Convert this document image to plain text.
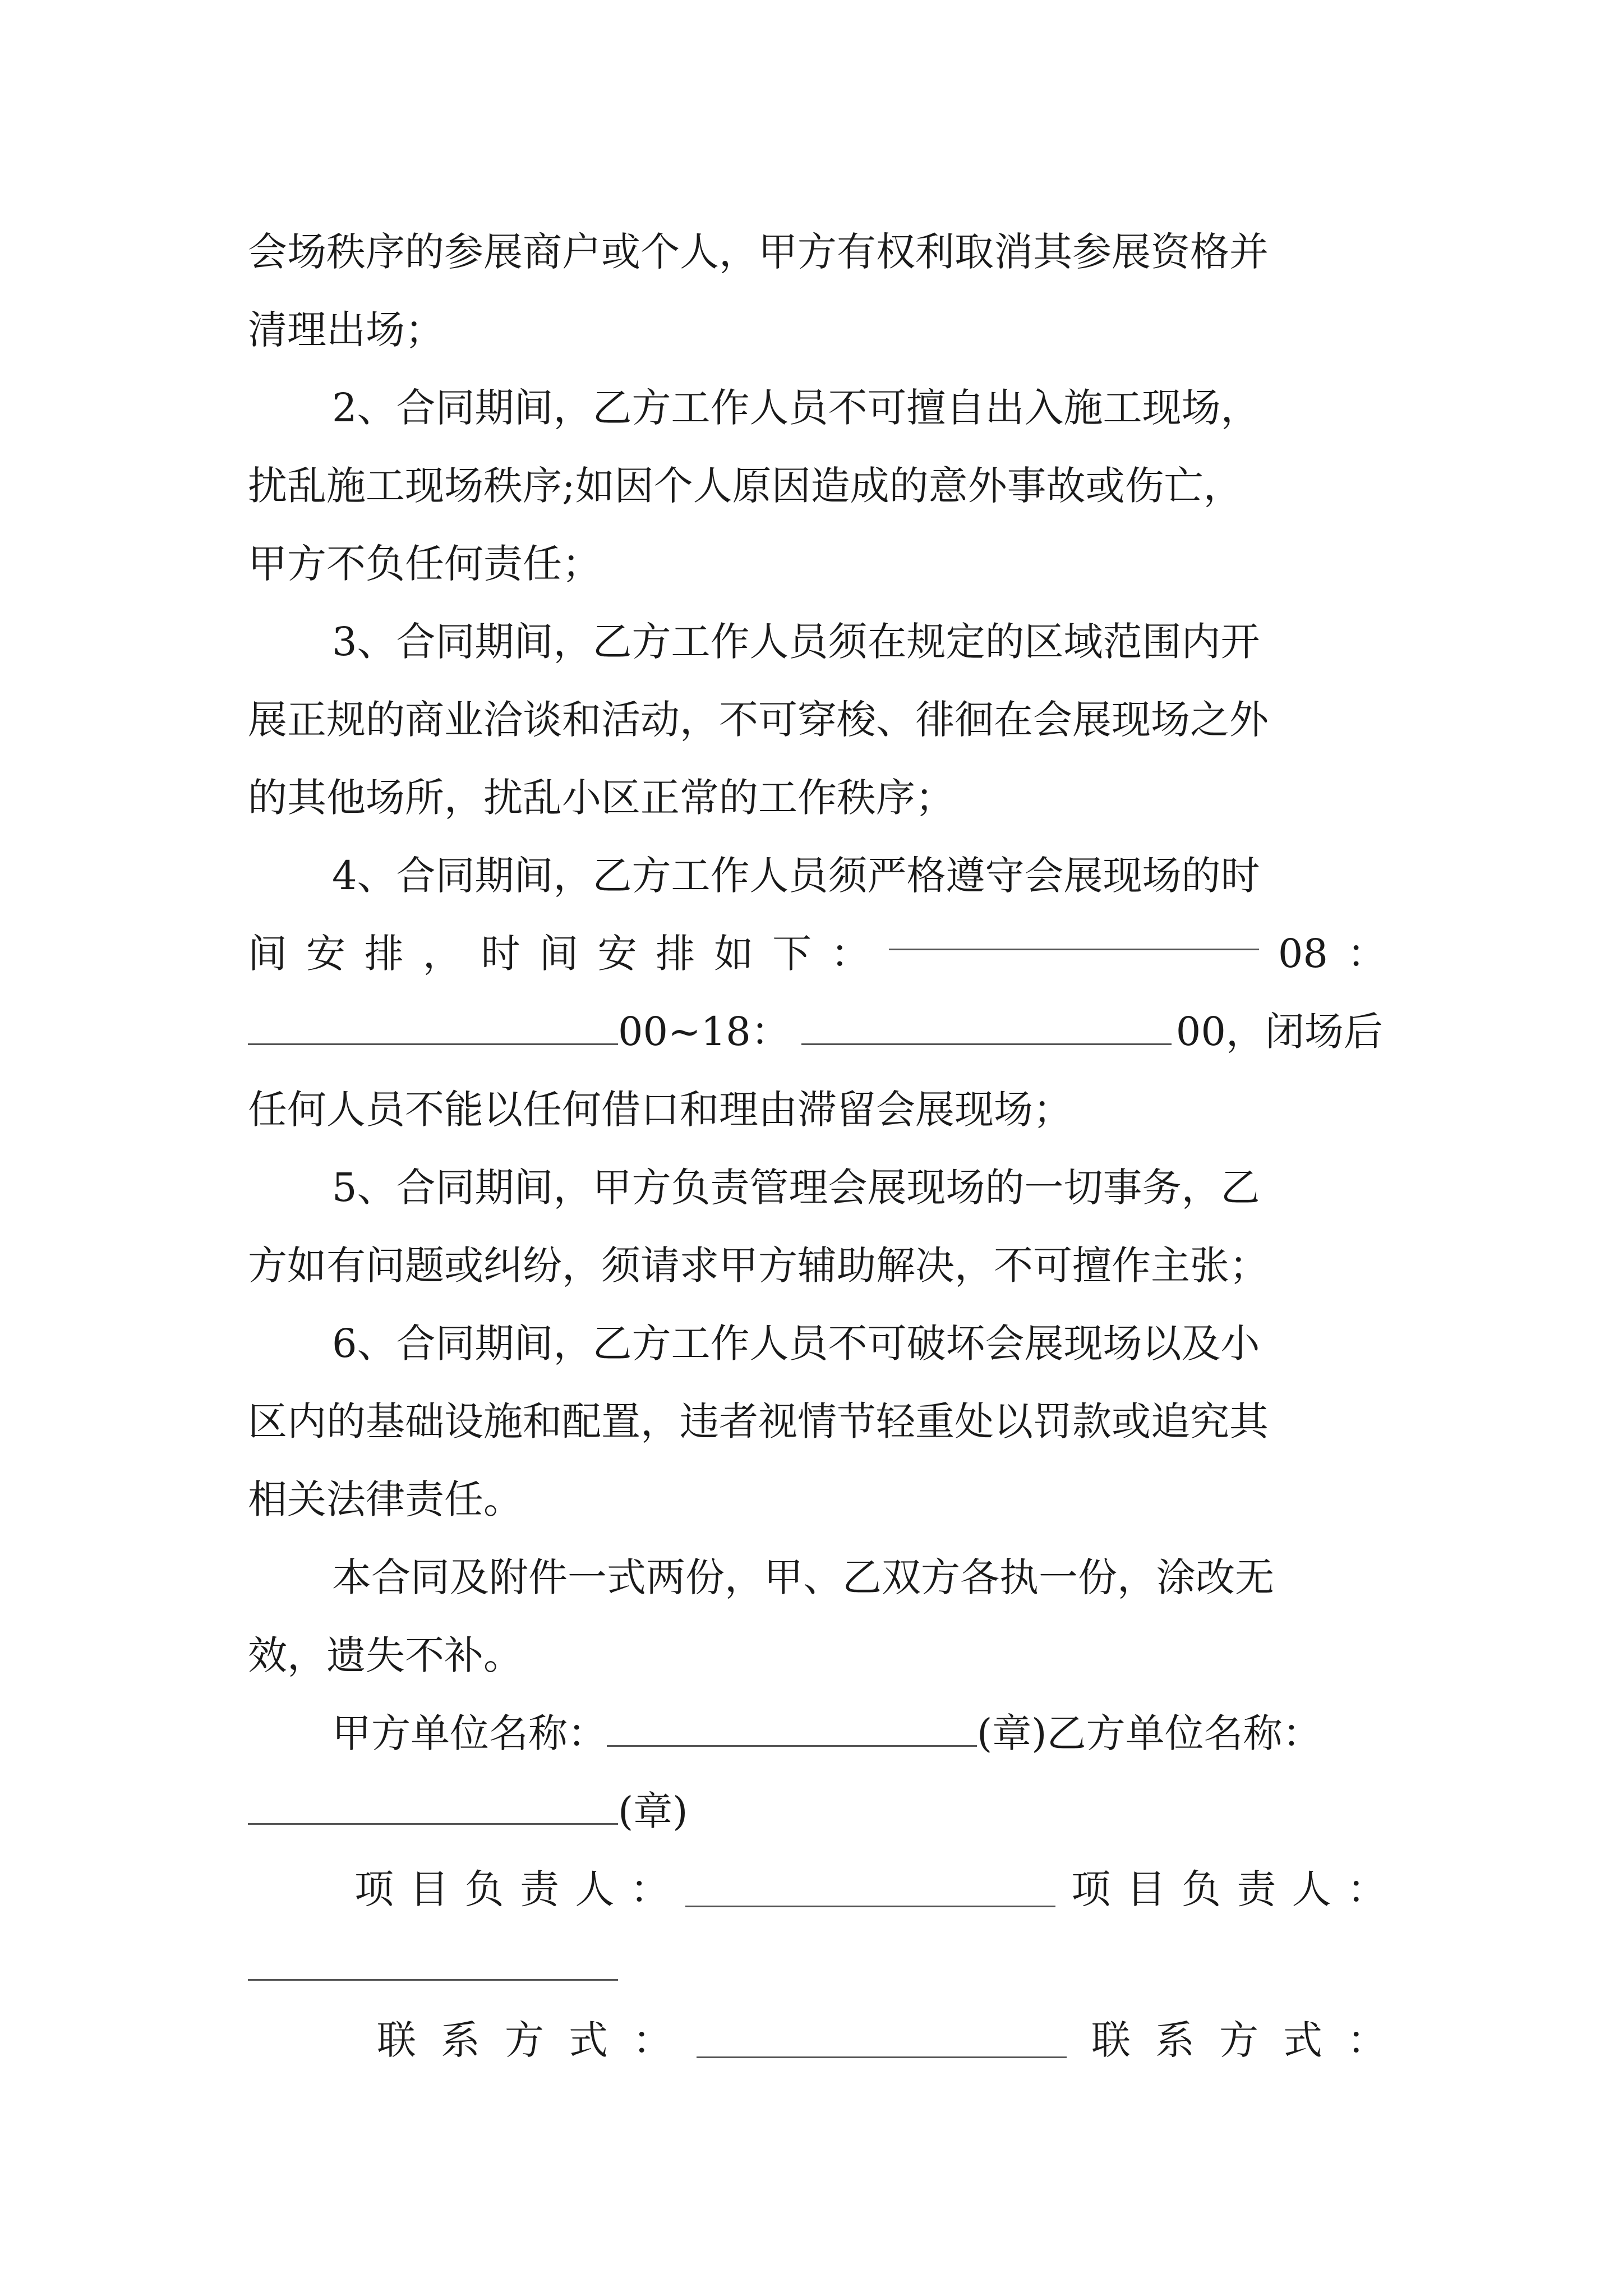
会场秩序的参展商户或个人，甲方有权利取消其参展资格并
清理出场；
2、合同期间，乙方工作人员不可擅自出入施工现场，
扰乱施工现场秩序;如因个人原因造成的意外事故或伤亡，
甲方不负任何责任；
3、合同期间，乙方工作人员须在规定的区域范围内开
展正规的商业洽谈和活动，不可穿梭、徘徊在会展现场之外
的其他场所，扰乱小区正常的工作秩序；
4、合同期间，乙方工作人员须严格遵守会展现场的时
间 安 排 ， 时 间 安 排 如 下 ：	08 ：
00~18：	00，闭场后
任何人员不能以任何借口和理由滞留会展现场；
5、合同期间，甲方负责管理会展现场的一切事务，乙
方如有问题或纠纷，须请求甲方辅助解决，不可擅作主张；
6、合同期间，乙方工作人员不可破坏会展现场以及小
区内的基础设施和配置，违者视情节轻重处以罚款或追究其
相关法律责任。
本合同及附件一式两份，甲、乙双方各执一份，涂改无
效，遗失不补。
甲方单位名称：	(章)乙方单位名称：
(章)
项 目 负 责 人 ：	项 目 负 责 人 ：
联 系 方 式 ：	联 系 方 式 ：
